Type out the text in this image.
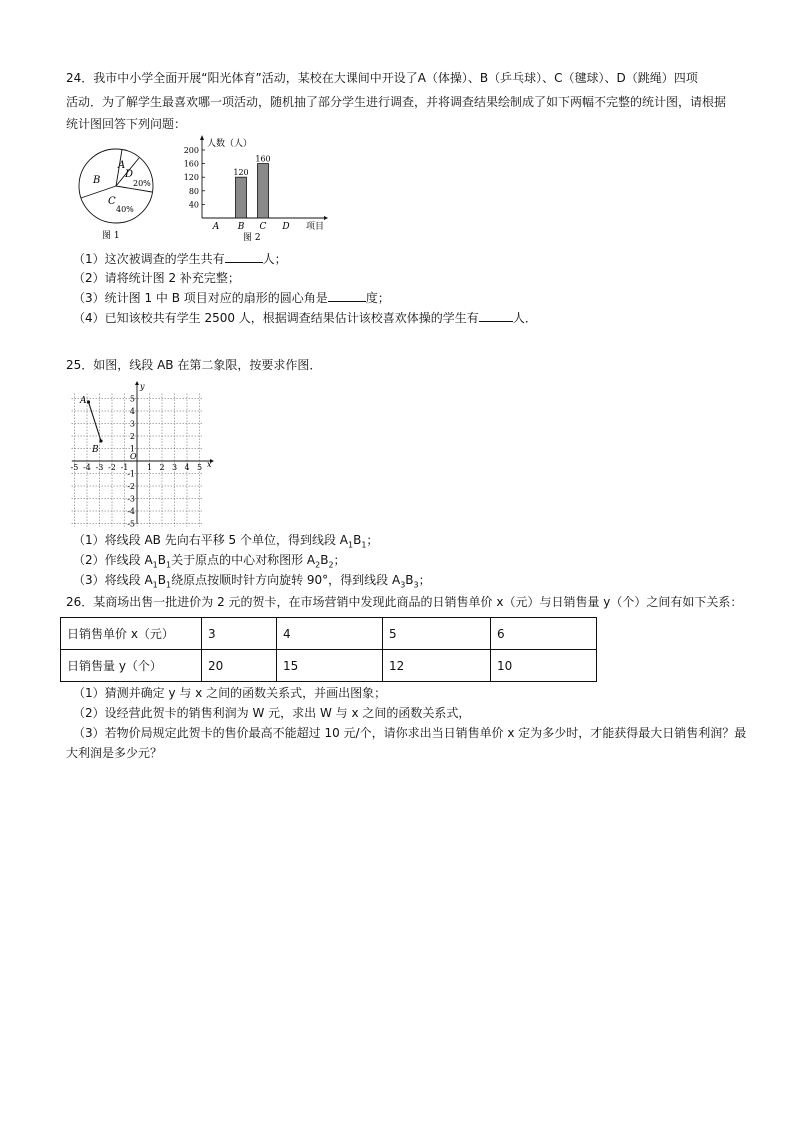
24．我市中小学全面开展“阳光体育”活动，某校在大课间中开设了A（体操）、B（乒乓球）、C（毽球）、D（跳绳）四项
活动．为了解学生最喜欢哪一项活动，随机抽了部分学生进行调查，并将调查结果绘制成了如下两幅不完整的统计图，请根据
统计图回答下列问题：
A
B
D
20%
C
40%
图 1
40
80
120
160
200
人数（人）
A B
120
C
160
D 项目
图 2
（1）这次被调查的学生共有	人；
（2）请将统计图 2 补充完整；
（3）统计图 1 中 B 项目对应的扇形的圆心角是	度；
（4）已知该校共有学生 2500 人，根据调查结果估计该校喜欢体操的学生有	人．
25．如图，线段 AB 在第二象限，按要求作图．
x
y
O
-5 -4 -3 -2 -1 1 2 3 4 5
5
4
3
2
1
-1
-2
-3
-4
-5
A
B
（1）将线段 AB 先向右平移 5 个单位，得到线段 $A_1B_1$；
（2）作线段 $A_1B_1$关于原点的中心对称图形 $A_2B_2$；
（3）将线段 $A_1B_1$绕原点按顺时针方向旋转 90°，得到线段 $A_3B_3$；
26．某商场出售一批进价为 2 元的贺卡，在市场营销中发现此商品的日销售单价 x（元）与日销售量 y（个）之间有如下关系：
日销售单价 x（元）	3	4	5	6
日销售量 y（个）	20	15	12	10
（1）猜测并确定 y 与 x 之间的函数关系式，并画出图象；
（2）设经营此贺卡的销售利润为 W 元，求出 W 与 x 之间的函数关系式，
（3）若物价局规定此贺卡的售价最高不能超过 10 元/个，请你求出当日销售单价 x 定为多少时，才能获得最大日销售利润？最
大利润是多少元？
